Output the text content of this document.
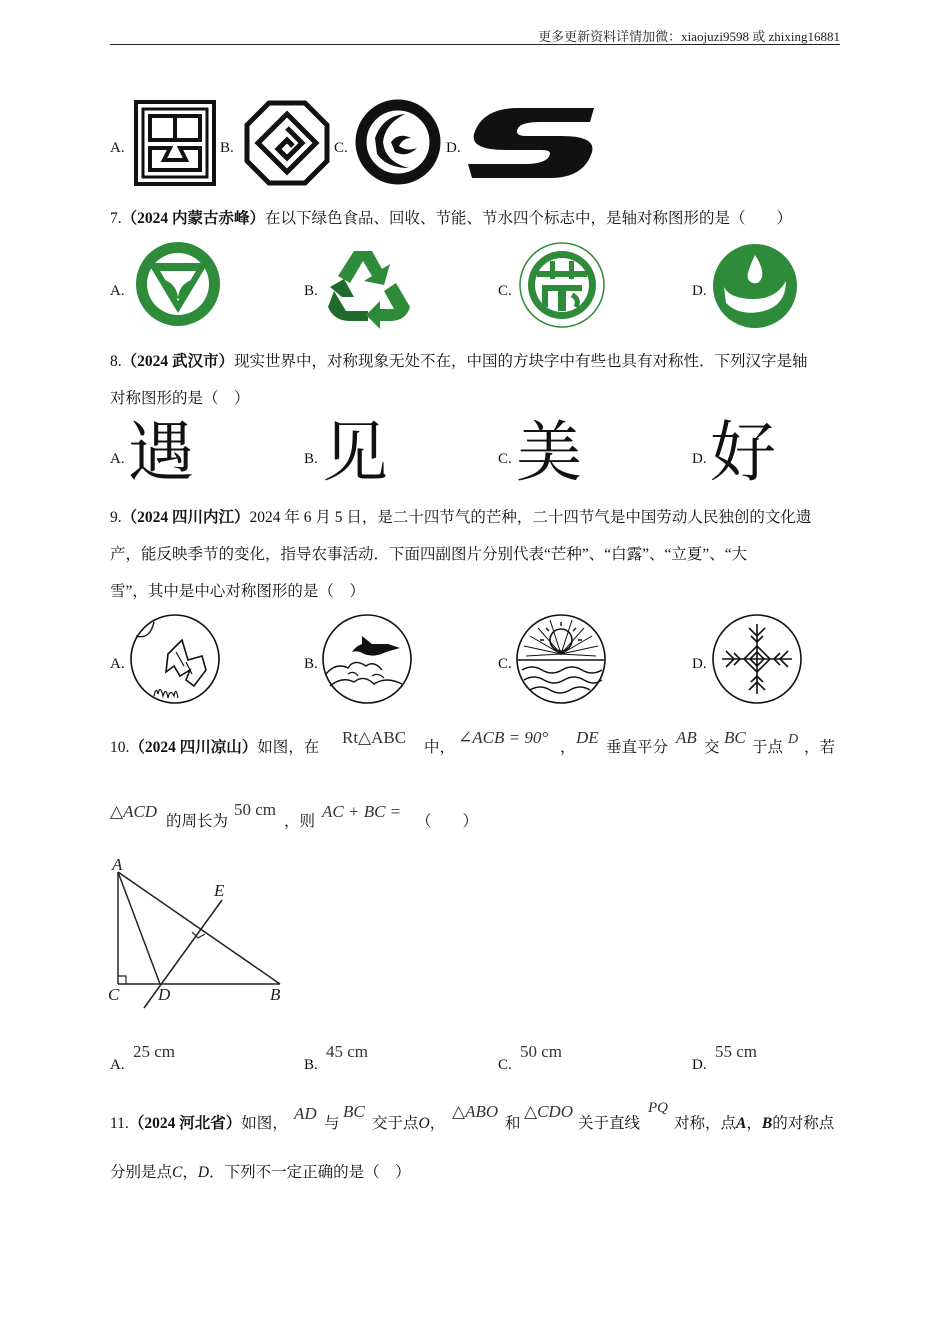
更多更新资料详情加微：xiaojuzi9598 或 zhixing16881
A.	B.	C.	D.
7.（2024 内蒙古赤峰）在以下绿色食品、回收、节能、节水四个标志中，是轴对称图形的是（　　）
A.	B.	C.	D.
8.（2024 武汉市）现实世界中，对称现象无处不在，中国的方块字中有些也具有对称性．下列汉字是轴
对称图形的是（　）
A. 遇	B. 见	C. 美	D. 好
9.（2024 四川内江）2024 年 6 月 5 日，是二十四节气的芒种，二十四节气是中国劳动人民独创的文化遗
产，能反映季节的变化，指导农事活动．下面四副图片分别代表“芒种”、“白露”、“立夏”、“大
雪”，其中是中心对称图形的是（　）
A.	B.	C.	D.
10.（2024 四川凉山）如图，在
Rt△ABC
中，
∠ACB = 90°
，
DE
垂直平分
AB
交
BC
于点 D ，若
△ACD
的周长为
50 cm
，则
AC + BC =
（　　）
A
C D	B
E
A.
25 cm
B.
45 cm
C.
50 cm
D.
55 cm
11.（2024 河北省）如图，
AD
与
BC
交于点O，
△ABO
和
△CDO
关于直线
PQ
对称，点A，B的对称点
分别是点C，D．下列不一定正确的是（　）
